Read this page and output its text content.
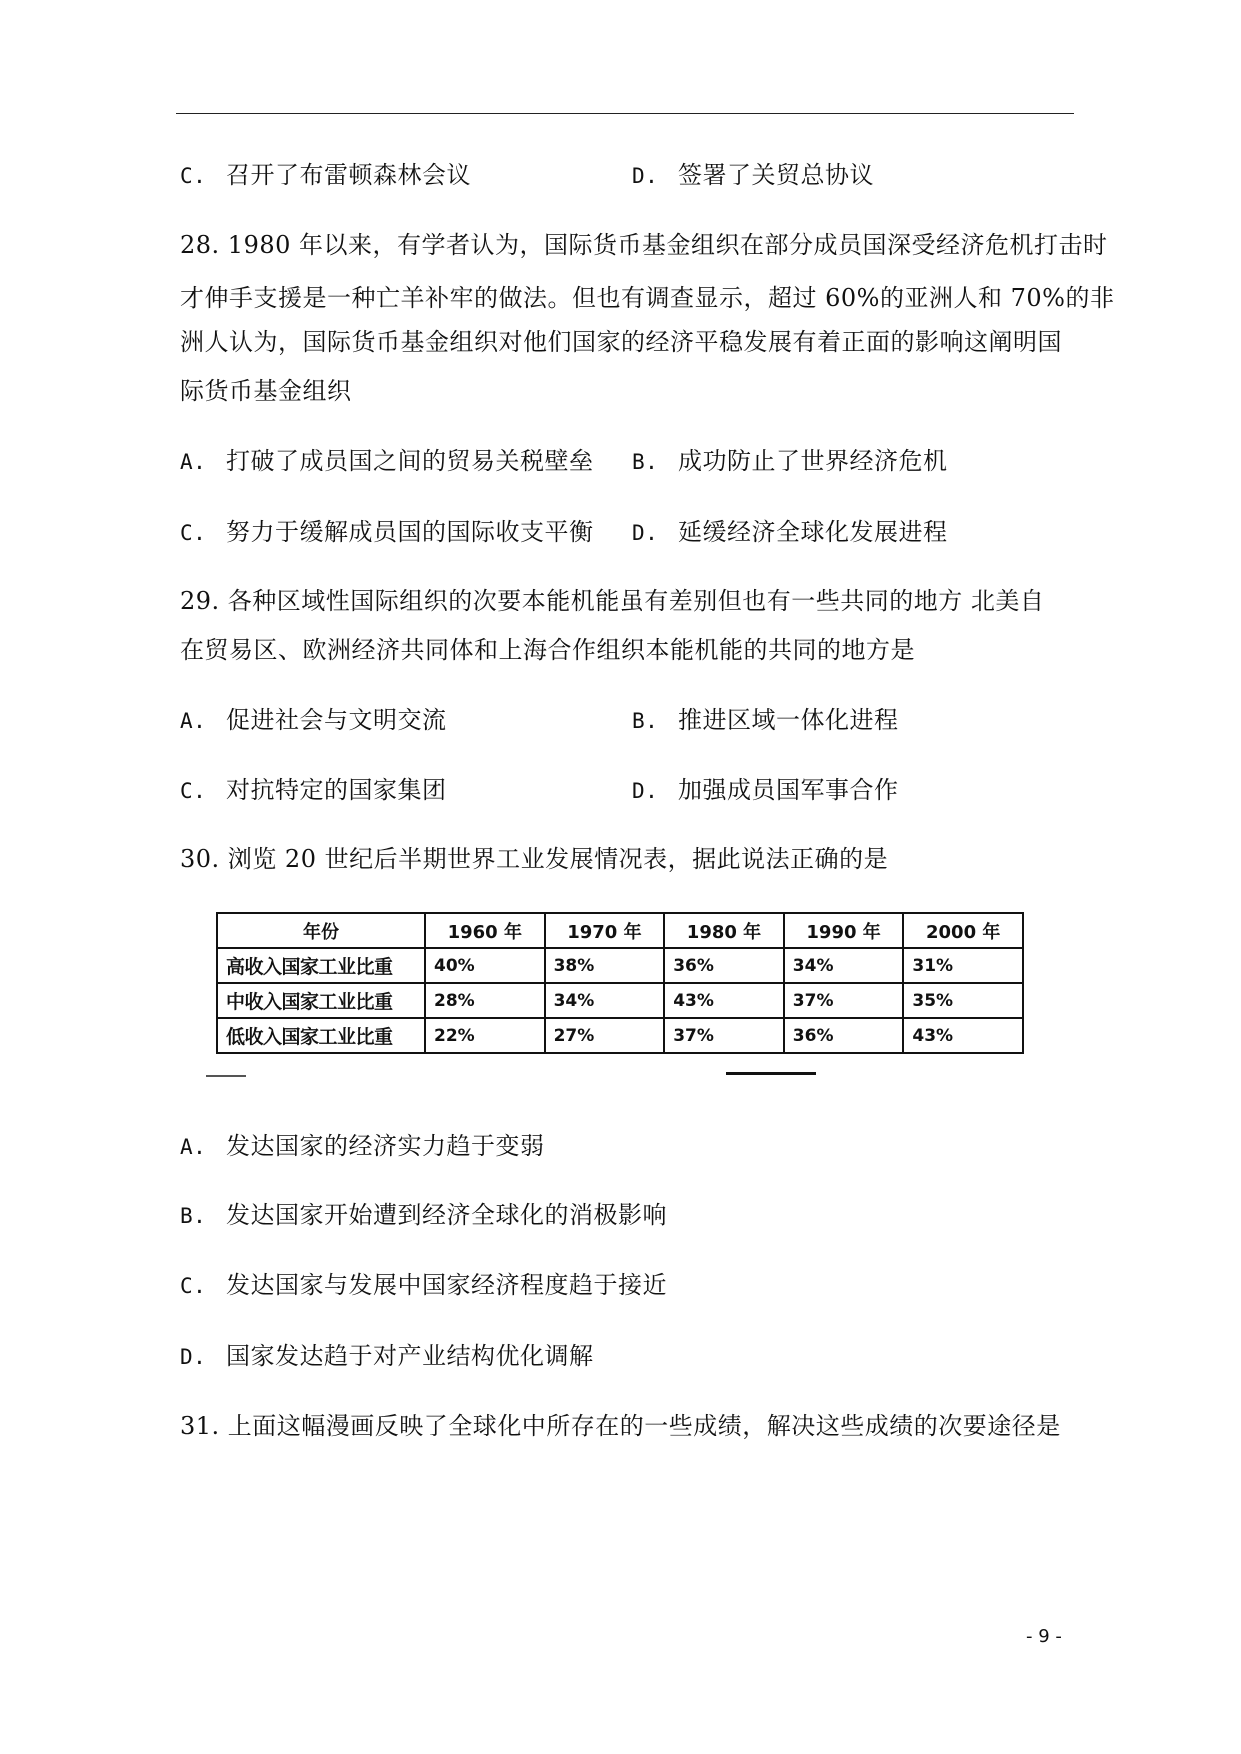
C. 召开了布雷顿森林会议	D. 签署了关贸总协议
28. 1980 年以来，有学者认为，国际货币基金组织在部分成员国深受经济危机打击时
才伸手支援是一种亡羊补牢的做法。但也有调查显示，超过 60%的亚洲人和 70%的非
洲人认为，国际货币基金组织对他们国家的经济平稳发展有着正面的影响这阐明国
际货币基金组织
A. 打破了成员国之间的贸易关税壁垒 B. 成功防止了世界经济危机
C. 努力于缓解成员国的国际收支平衡 D. 延缓经济全球化发展进程
29. 各种区域性国际组织的次要本能机能虽有差别但也有一些共同的地方 北美自
在贸易区、欧洲经济共同体和上海合作组织本能机能的共同的地方是
A. 促进社会与文明交流	B. 推进区域一体化进程
C. 对抗特定的国家集团	D. 加强成员国军事合作
30. 浏览 20 世纪后半期世界工业发展情况表，据此说法正确的是
年份	1960 年	1970 年	1980 年	1990 年	2000 年
高收入国家工业比重	40%	38%	36%	34%	31%
中收入国家工业比重	28%	34%	43%	37%	35%
低收入国家工业比重	22%	27%	37%	36%	43%
A. 发达国家的经济实力趋于变弱
B. 发达国家开始遭到经济全球化的消极影响
C. 发达国家与发展中国家经济程度趋于接近
D. 国家发达趋于对产业结构优化调解
31. 上面这幅漫画反映了全球化中所存在的一些成绩，解决这些成绩的次要途径是
- 9 -
